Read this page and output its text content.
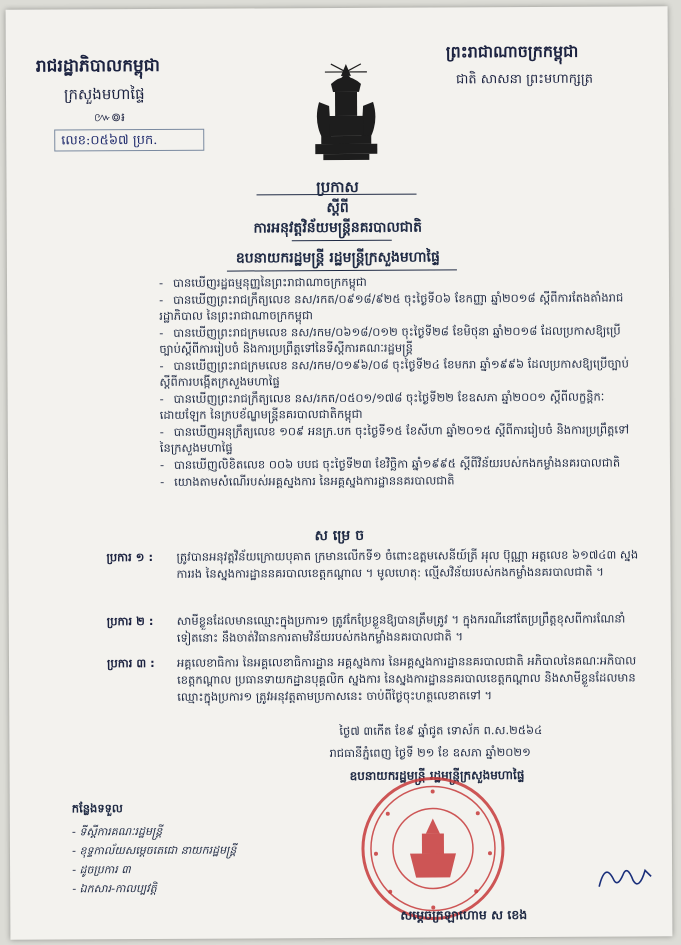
រាជរដ្ឋាភិបាលកម្ពុជា
ក្រសួងមហាផ្ទៃ
៚៙៛
លេខ:០៥៦៧ ប្រក.
ព្រះរាជាណាចក្រកម្ពុជា
ជាតិ សាសនា ព្រះមហាក្សត្រ
ប្រកាស
ស្តីពី
ការអនុវត្តវិន័យមន្ត្រីនគរបាលជាតិ
ឧបនាយករដ្ឋមន្ត្រី រដ្ឋមន្ត្រីក្រសួងមហាផ្ទៃ
- បានឃើញរដ្ឋធម្មនុញ្ញនៃព្រះរាជាណាចក្រកម្ពុជា
- បានឃើញព្រះរាជក្រឹត្យលេខ នស/រកត/០៩១៨/៩២៥ ចុះថ្ងៃទី០៦ ខែកញ្ញា ឆ្នាំ២០១៨ ស្តីពីការតែងតាំងរាជរដ្ឋាភិបាល នៃព្រះរាជាណាចក្រកម្ពុជា
- បានឃើញព្រះរាជក្រមលេខ នស/រកម/០៦១៨/០១២ ចុះថ្ងៃទី២៨ ខែមិថុនា ឆ្នាំ២០១៨ ដែលប្រកាសឱ្យប្រើច្បាប់ស្តីពីការរៀបចំ និងការប្រព្រឹត្តទៅនៃទីស្តីការគណៈរដ្ឋមន្ត្រី
- បានឃើញព្រះរាជក្រមលេខ នស/រកម/០១៩៦/០៨ ចុះថ្ងៃទី២៤ ខែមករា ឆ្នាំ១៩៩៦ ដែលប្រកាសឱ្យប្រើច្បាប់ស្តីពីការបង្កើតក្រសួងមហាផ្ទៃ
- បានឃើញព្រះរាជក្រឹត្យលេខ នស/រកត/០៥០១/១៧៨ ចុះថ្ងៃទី២២ ខែឧសភា ឆ្នាំ២០០១ ស្តីពីលក្ខន្តិកៈដោយឡែក នៃក្របខ័ណ្ឌមន្ត្រីនគរបាលជាតិកម្ពុជា
- បានឃើញអនុក្រឹត្យលេខ ១០៩ អនក្រ.បក ចុះថ្ងៃទី១៥ ខែសីហា ឆ្នាំ២០១៥ ស្តីពីការរៀបចំ និងការប្រព្រឹត្តទៅនៃក្រសួងមហាផ្ទៃ
- បានឃើញលិខិតលេខ ០០៦ បបជ ចុះថ្ងៃទី២៣ ខែវិច្ឆិកា ឆ្នាំ១៩៩៥ ស្តីពីវិន័យរបស់កងកម្លាំងនគរបាលជាតិ
- យោងតាមសំណើរបស់អគ្គស្នងការ នៃអគ្គស្នងការដ្ឋាននគរបាលជាតិ
ស ម្រេ ច
ប្រការ ១ :	ត្រូវបានអនុវត្តវិន័យក្រោយបុគាត ក្រមានលើកទី១ ចំពោះឧត្តមសេនីយ៍ត្រី អុល ប៊ុណ្ណា អត្តលេខ ៦១៧៤៣ ស្នងការរង នៃស្នងការដ្ឋាននគរបាលខេត្តកណ្តាល ។ មូលហេតុ: ល្មើសវិន័យរបស់កងកម្លាំងនគរបាលជាតិ ។
ប្រការ ២ :	សាមីខ្លួនដែលមានឈ្មោះក្នុងប្រការ១ ត្រូវកែប្រែខ្លួនឱ្យបានត្រឹមត្រូវ ។ ក្នុងករណីនៅតែប្រព្រឹត្តខុសពីការណែនាំទៀតនោះ នឹងចាត់វិធានការតាមវិន័យរបស់កងកម្លាំងនគរបាលជាតិ ។
ប្រការ ៣ :	អគ្គលេខាធិការ នៃអគ្គលេខាធិការដ្ឋាន អគ្គស្នងការ នៃអគ្គស្នងការដ្ឋាននគរបាលជាតិ អភិបាលនៃគណៈអភិបាលខេត្តកណ្តាល ប្រធានទាយកដ្ឋានបុគ្គលិក ស្នងការ នៃស្នងការដ្ឋាននគរបាលខេត្តកណ្តាល និងសាមីខ្លួនដែលមានឈ្មោះក្នុងប្រការ១ ត្រូវអនុវត្តតាមប្រកាសនេះ ចាប់ពីថ្ងៃចុះហត្ថលេខាតទៅ ។
ថ្ងៃ៧ ៣កើត ខែ៩ ឆ្នាំជូត ទោស័ក ព.ស.២៥៦៤
រាជធានីភ្នំពេញ ថ្ងៃទី ២១ ខែ ឧសភា ឆ្នាំ២០២១
ឧបនាយករដ្ឋមន្ត្រី រដ្ឋមន្ត្រីក្រសួងមហាផ្ទៃ
កន្លែងទទួល
- ទីស្តីការគណៈរដ្ឋមន្ត្រី
- ខុទ្ទកាល័យសម្តេចតេជោ នាយករដ្ឋមន្ត្រី
- ដូចប្រការ ៣
- ឯកសារ-កាលប្បវត្តិ
សម្តេចក្រឡាហោម ស ខេង
